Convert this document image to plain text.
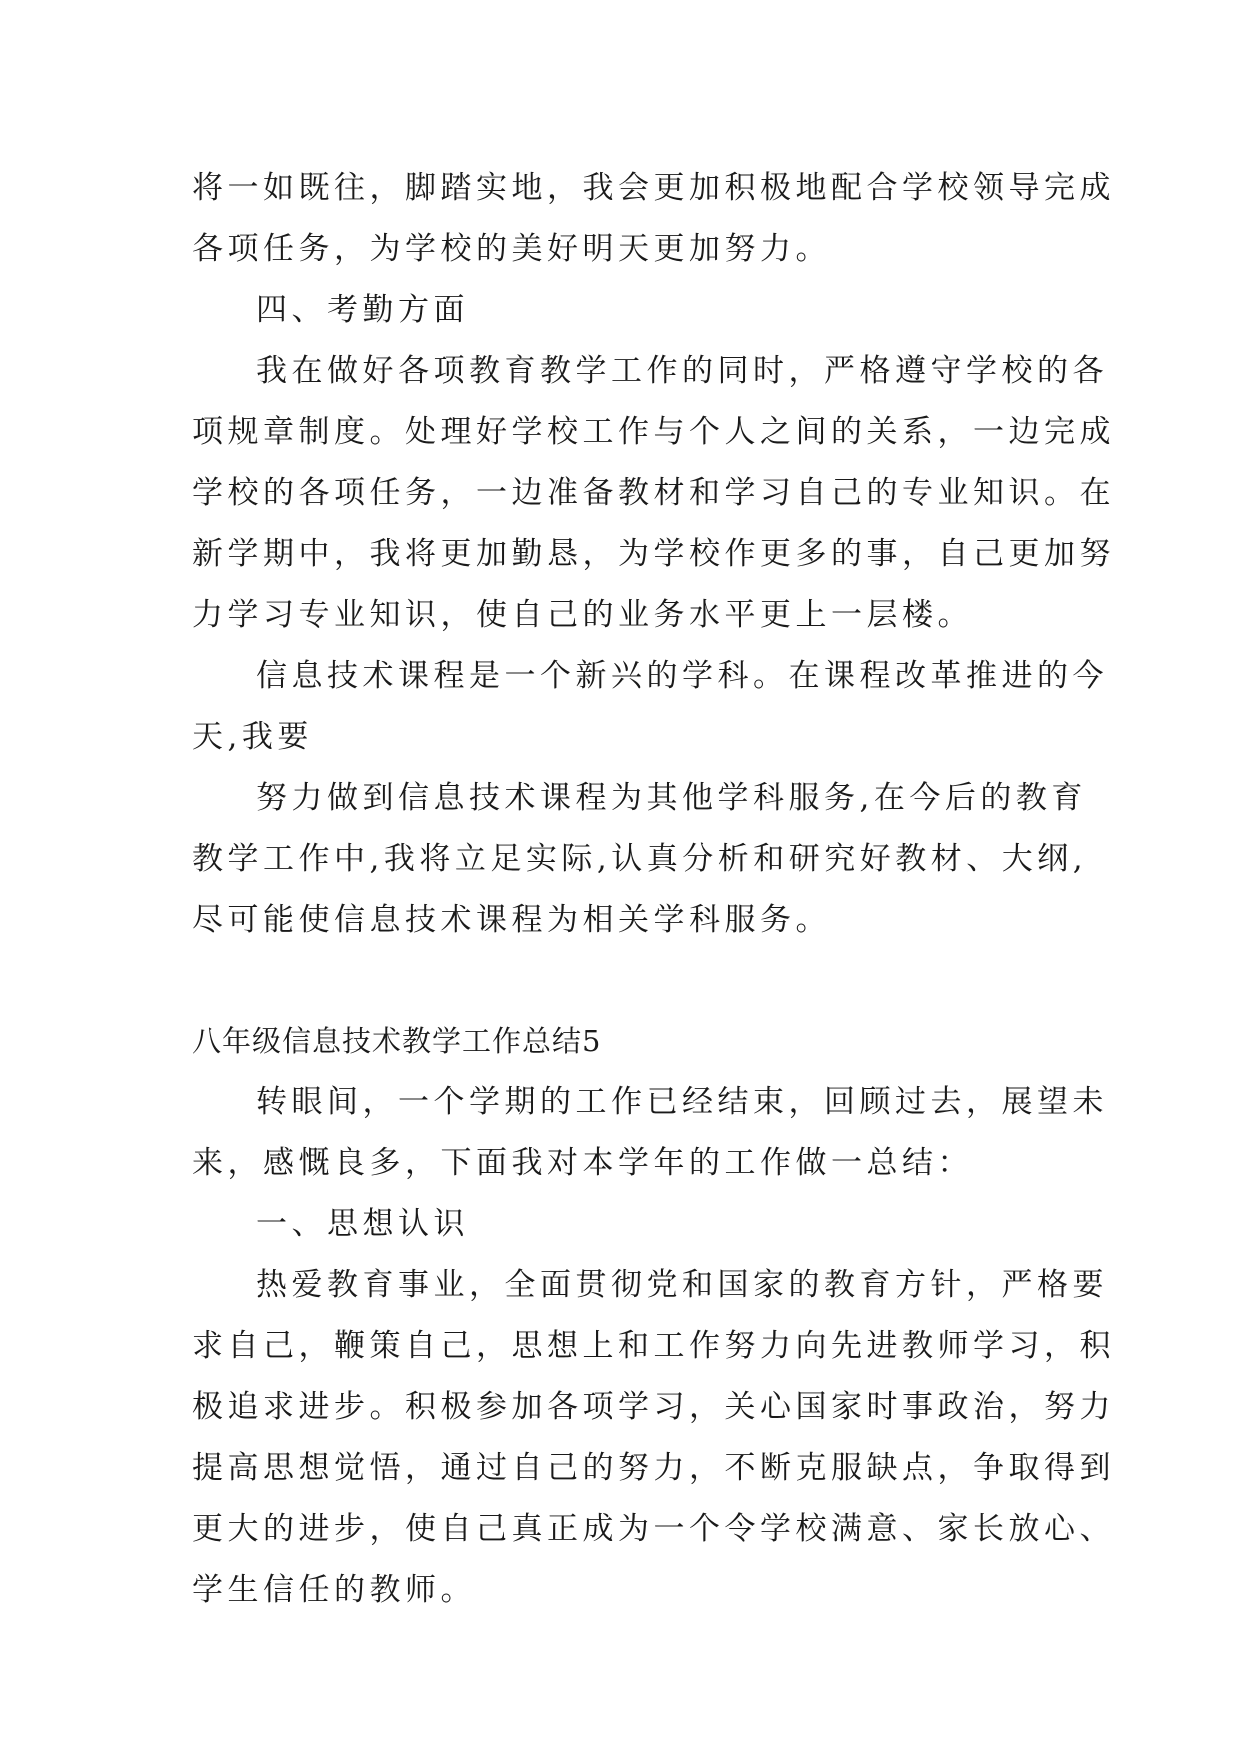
将一如既往，脚踏实地，我会更加积极地配合学校领导完成
各项任务，为学校的美好明天更加努力。
四、考勤方面
我在做好各项教育教学工作的同时，严格遵守学校的各
项规章制度。处理好学校工作与个人之间的关系，一边完成
学校的各项任务，一边准备教材和学习自己的专业知识。在
新学期中，我将更加勤恳，为学校作更多的事，自己更加努
力学习专业知识，使自己的业务水平更上一层楼。
信息技术课程是一个新兴的学科。在课程改革推进的今
天,我要
努力做到信息技术课程为其他学科服务,在今后的教育
教学工作中,我将立足实际,认真分析和研究好教材、大纲,
尽可能使信息技术课程为相关学科服务。
八年级信息技术教学工作总结5
转眼间，一个学期的工作已经结束，回顾过去，展望未
来，感慨良多，下面我对本学年的工作做一总结：
一、思想认识
热爱教育事业，全面贯彻党和国家的教育方针，严格要
求自己，鞭策自己，思想上和工作努力向先进教师学习，积
极追求进步。积极参加各项学习，关心国家时事政治，努力
提高思想觉悟，通过自己的努力，不断克服缺点，争取得到
更大的进步，使自己真正成为一个令学校满意、家长放心、
学生信任的教师。
